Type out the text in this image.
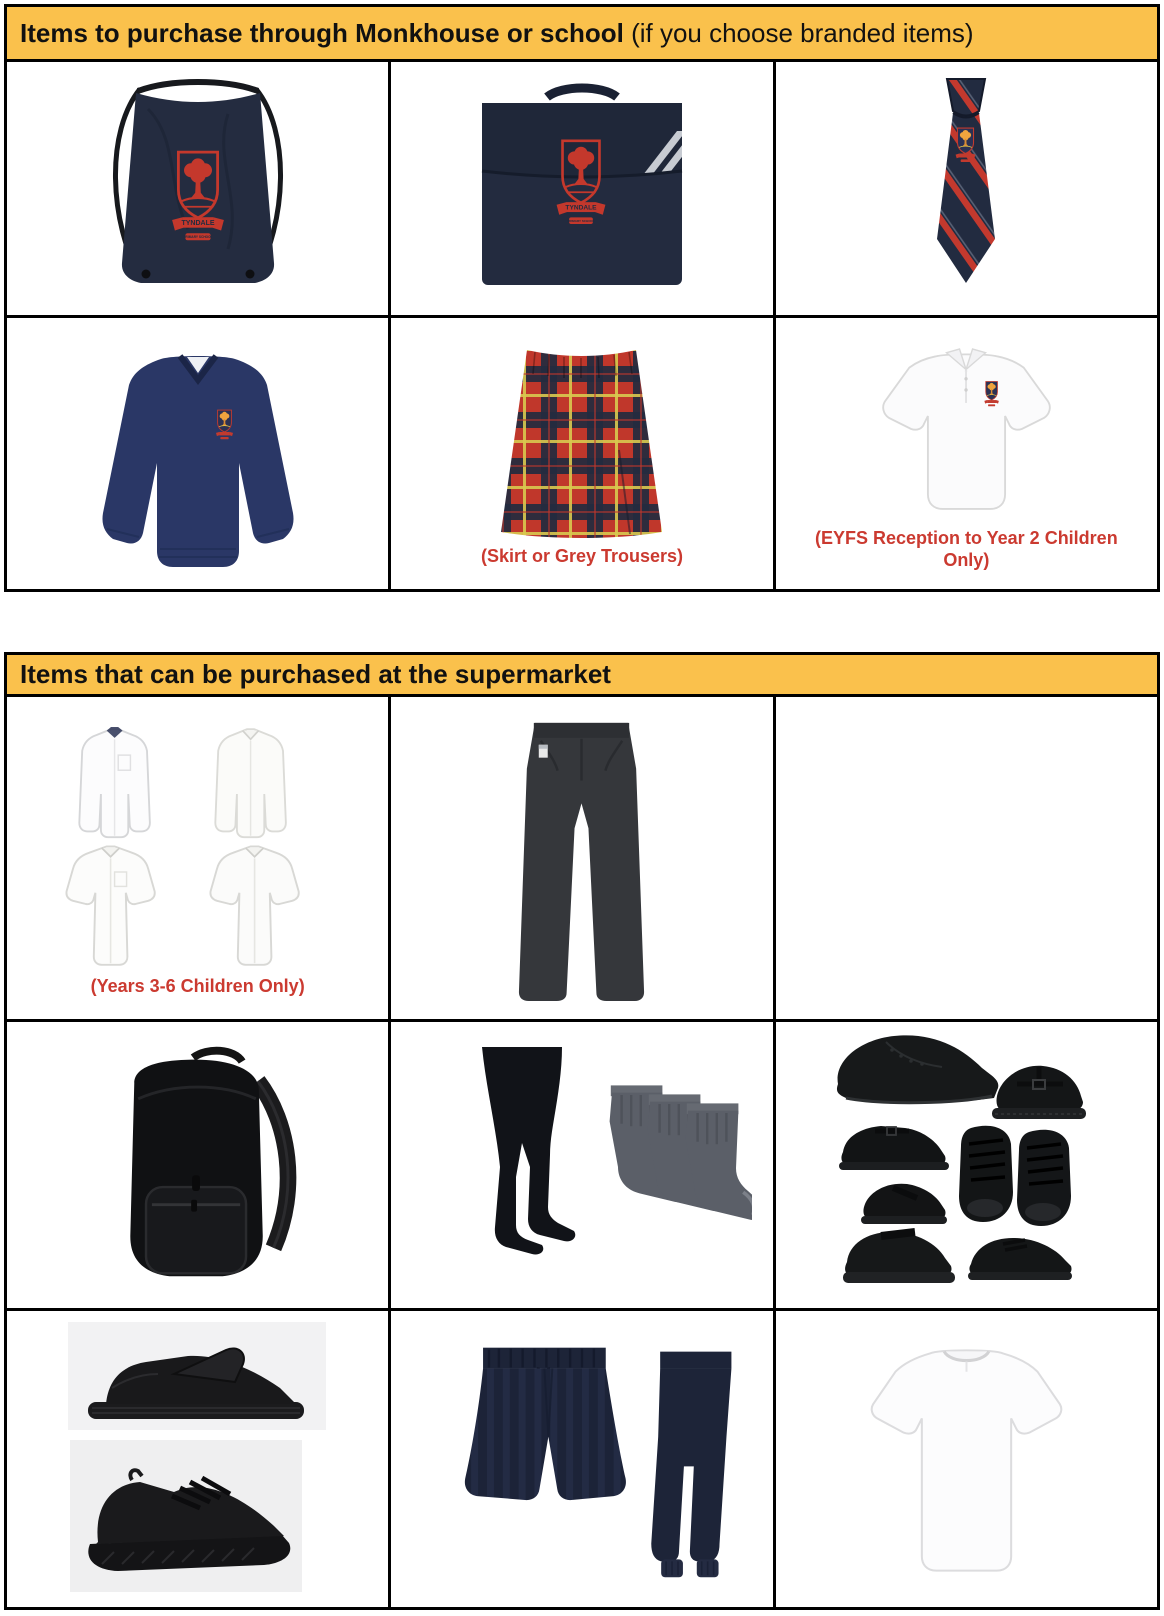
Items to purchase through Monkhouse or school (if you choose branded items)
(Skirt or Grey Trousers)
(EYFS Reception to Year 2 Children Only)
Items that can be purchased at the supermarket
(Years 3-6 Children Only)
